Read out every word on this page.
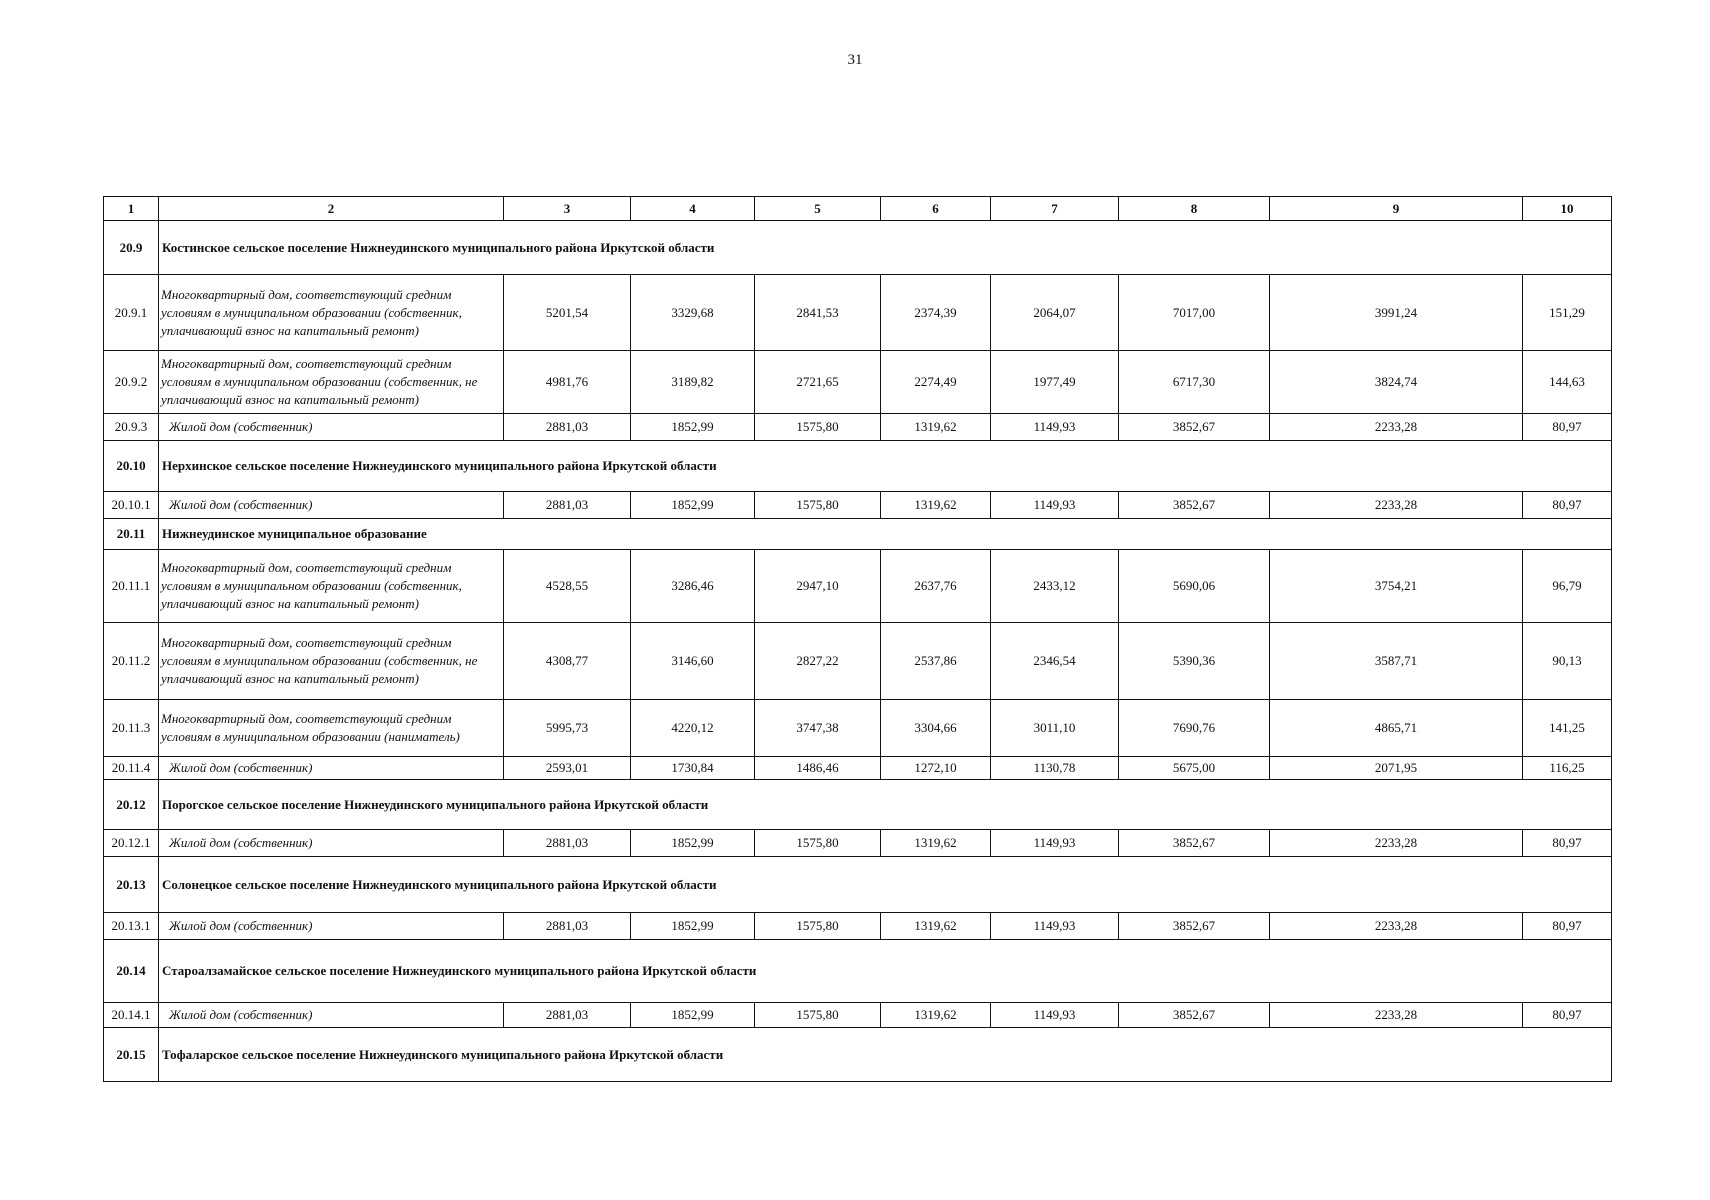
31
1	2	3	4	5	6	7	8	9	10
20.9	Костинское сельское поселение Нижнеудинского муниципального района Иркутской области								
20.9.1	Многоквартирный дом, соответствующий средним условиям в муниципальном образовании (собственник, уплачивающий взнос на капитальный ремонт)	5201,54	3329,68	2841,53	2374,39	2064,07	7017,00	3991,24	151,29
20.9.2	Многоквартирный дом, соответствующий средним условиям в муниципальном образовании (собственник, не уплачивающий взнос на капитальный ремонт)	4981,76	3189,82	2721,65	2274,49	1977,49	6717,30	3824,74	144,63
20.9.3	Жилой дом (собственник)	2881,03	1852,99	1575,80	1319,62	1149,93	3852,67	2233,28	80,97
20.10	Нерхинское сельское поселение Нижнеудинского муниципального района Иркутской области								
20.10.1	Жилой дом (собственник)	2881,03	1852,99	1575,80	1319,62	1149,93	3852,67	2233,28	80,97
20.11	Нижнеудинское муниципальное образование								
20.11.1	Многоквартирный дом, соответствующий средним условиям в муниципальном образовании (собственник, уплачивающий взнос на капитальный ремонт)	4528,55	3286,46	2947,10	2637,76	2433,12	5690,06	3754,21	96,79
20.11.2	Многоквартирный дом, соответствующий средним условиям в муниципальном образовании (собственник, не уплачивающий взнос на капитальный ремонт)	4308,77	3146,60	2827,22	2537,86	2346,54	5390,36	3587,71	90,13
20.11.3	Многоквартирный дом, соответствующий средним условиям в муниципальном образовании (наниматель)	5995,73	4220,12	3747,38	3304,66	3011,10	7690,76	4865,71	141,25
20.11.4	Жилой дом (собственник)	2593,01	1730,84	1486,46	1272,10	1130,78	5675,00	2071,95	116,25
20.12	Порогское сельское поселение Нижнеудинского муниципального района Иркутской области								
20.12.1	Жилой дом (собственник)	2881,03	1852,99	1575,80	1319,62	1149,93	3852,67	2233,28	80,97
20.13	Солонецкое сельское поселение Нижнеудинского муниципального района Иркутской области								
20.13.1	Жилой дом (собственник)	2881,03	1852,99	1575,80	1319,62	1149,93	3852,67	2233,28	80,97
20.14	Староалзамайское сельское поселение Нижнеудинского муниципального района Иркутской области								
20.14.1	Жилой дом (собственник)	2881,03	1852,99	1575,80	1319,62	1149,93	3852,67	2233,28	80,97
20.15	Тофаларское сельское поселение Нижнеудинского муниципального района Иркутской области								
